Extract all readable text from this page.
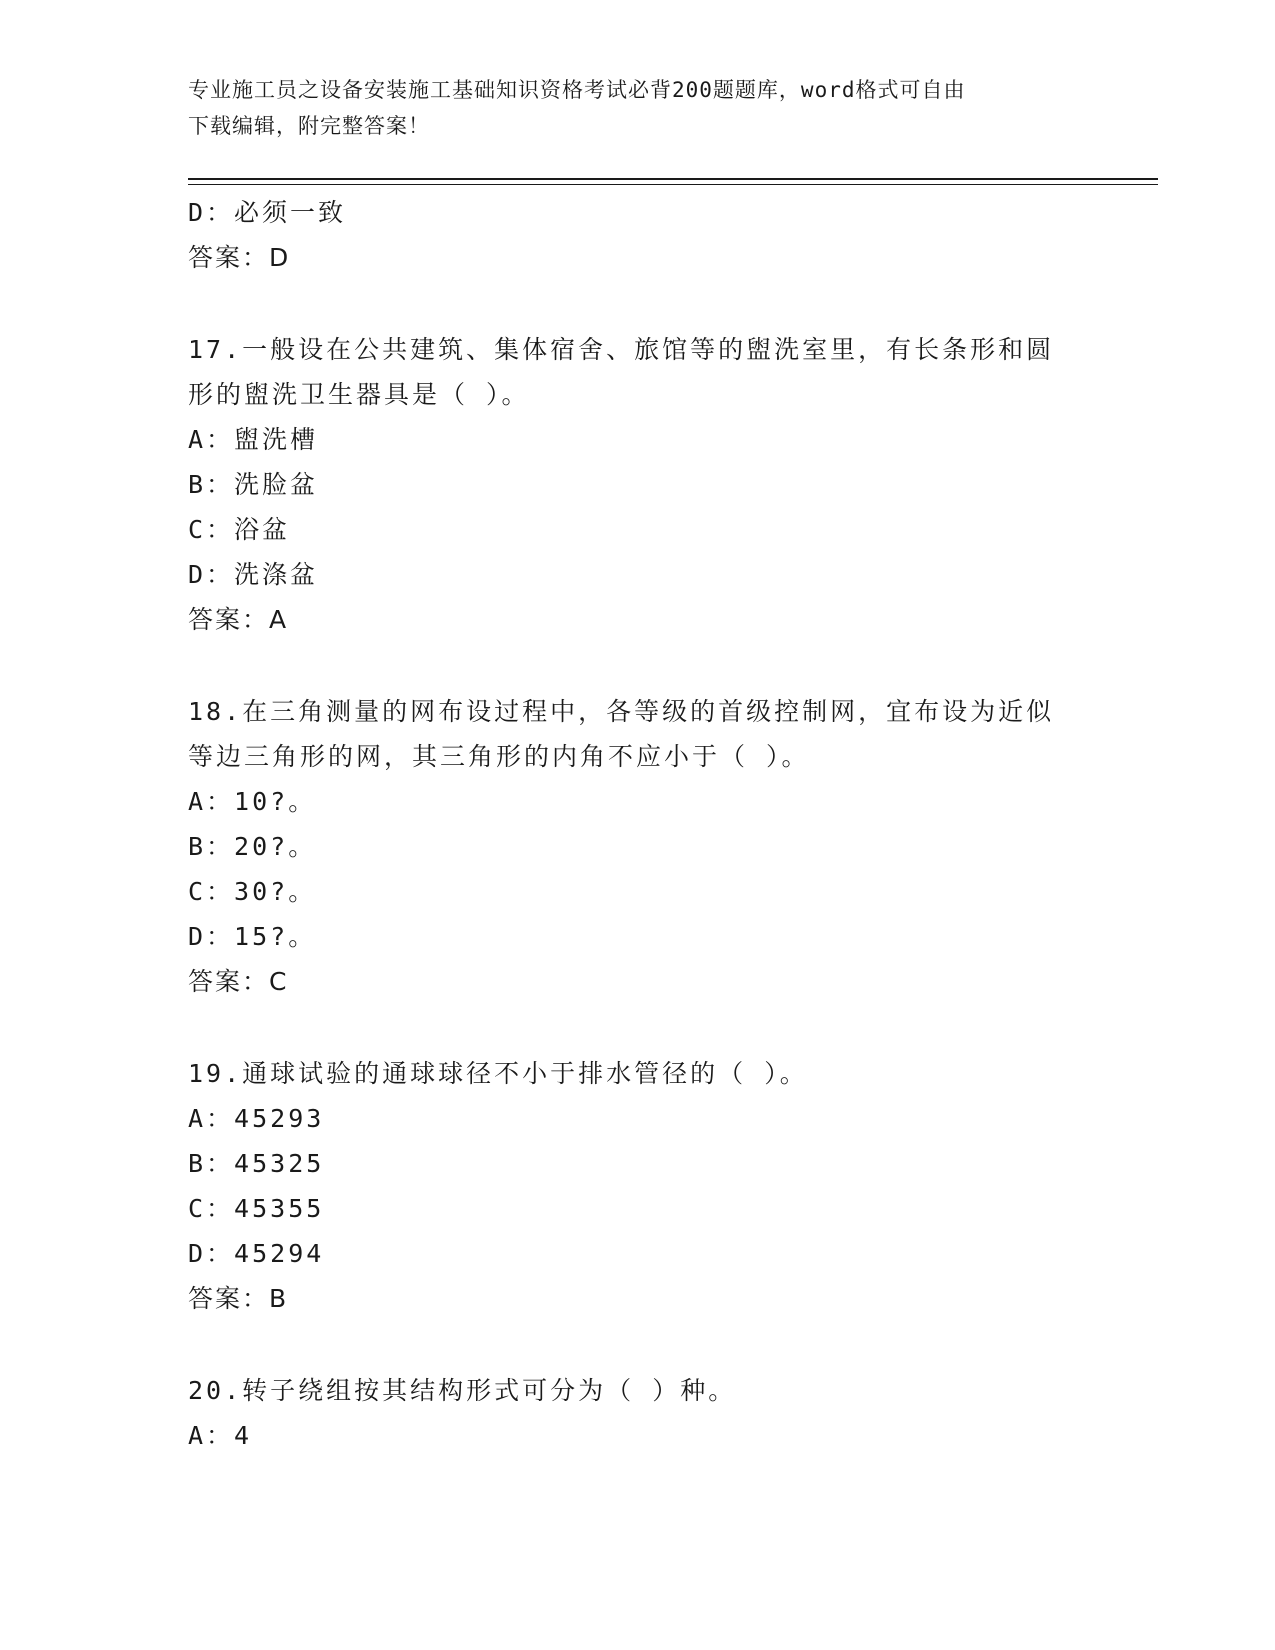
专业施工员之设备安装施工基础知识资格考试必背200题题库，word格式可自由
下载编辑，附完整答案！
D：必须一致
答案：D
17.一般设在公共建筑、集体宿舍、旅馆等的盥洗室里，有长条形和圆
形的盥洗卫生器具是（ ）。
A：盥洗槽
B：洗脸盆
C：浴盆
D：洗涤盆
答案：A
18.在三角测量的网布设过程中，各等级的首级控制网，宜布设为近似
等边三角形的网，其三角形的内角不应小于（ ）。
A：10?。
B：20?。
C：30?。
D：15?。
答案：C
19.通球试验的通球球径不小于排水管径的（ ）。
A：45293
B：45325
C：45355
D：45294
答案：B
20.转子绕组按其结构形式可分为（ ）种。
A：4
